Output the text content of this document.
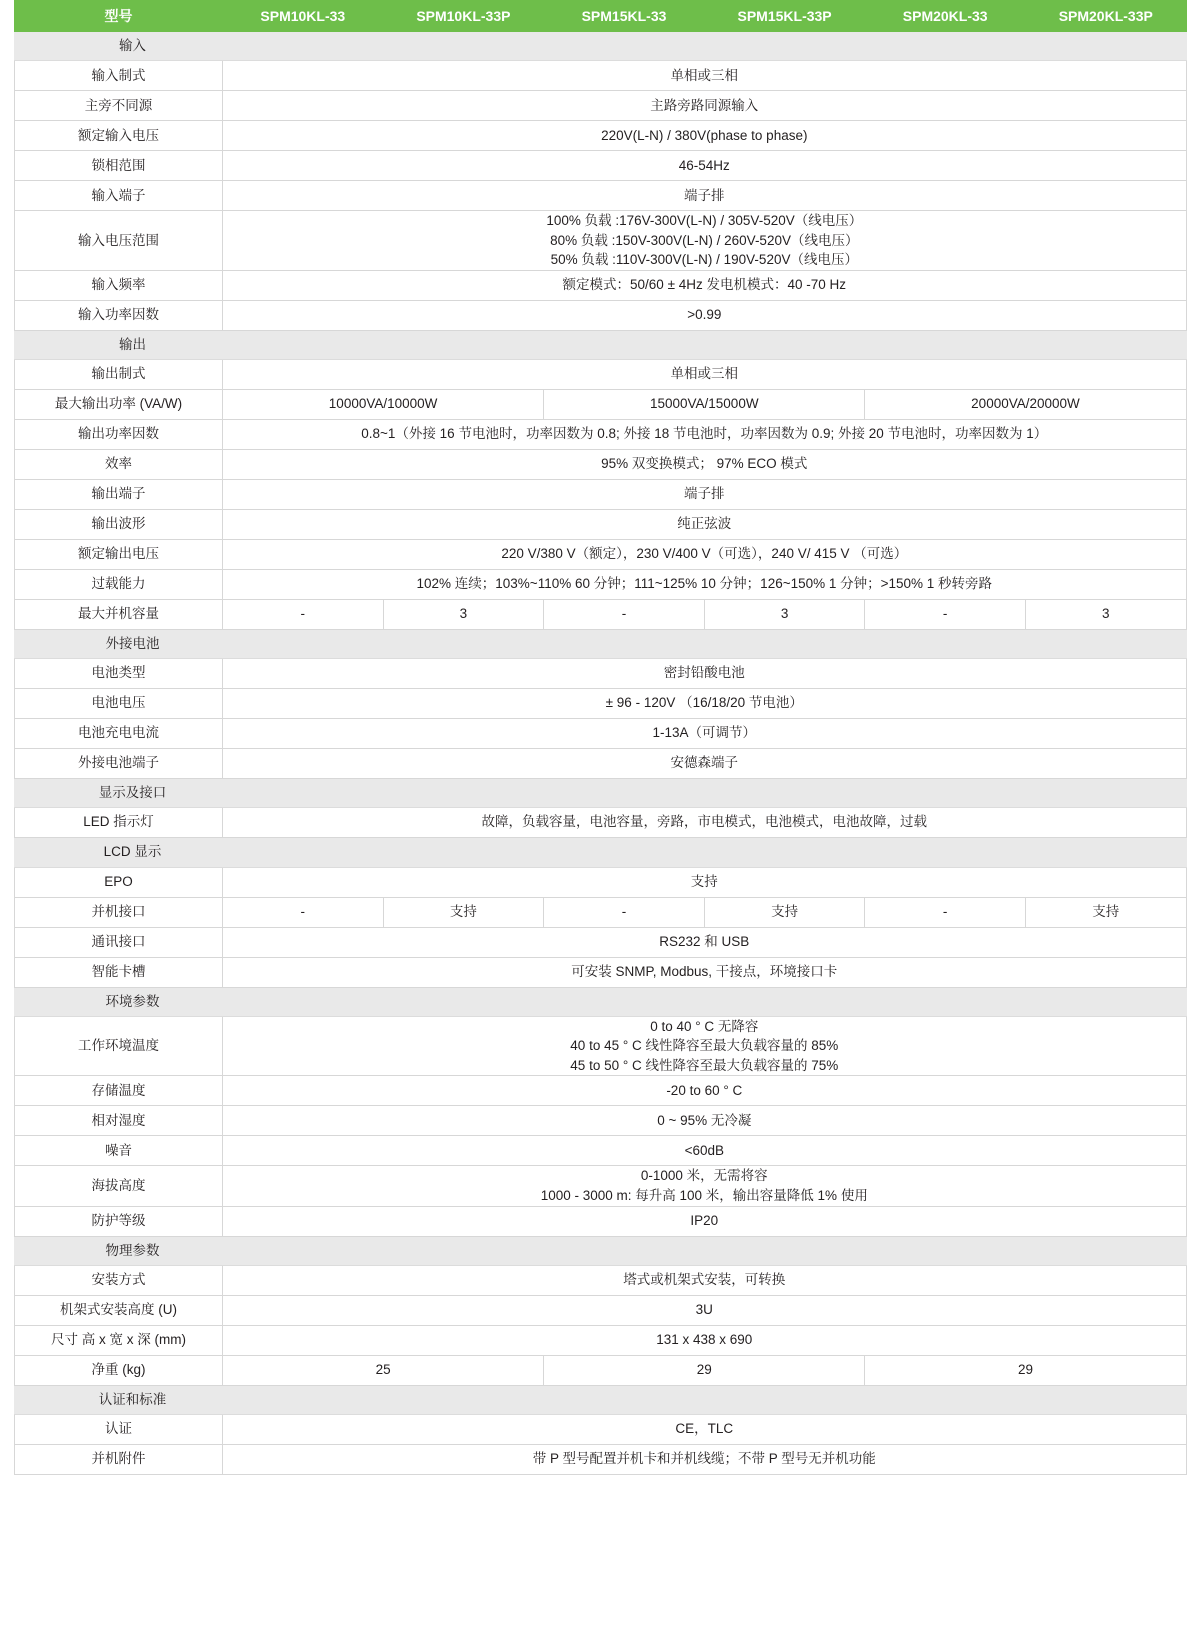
型号	SPM10KL-33	SPM10KL-33P	SPM15KL-33	SPM15KL-33P	SPM20KL-33	SPM20KL-33P
输入						
输入制式	单相或三相					
主旁不同源	主路旁路同源输入					
额定输入电压	220V(L-N) / 380V(phase to phase)					
锁相范围	46-54Hz					
输入端子	端子排					
输入电压范围	100% 负载 :176V-300V(L-N) / 305V-520V（线电压）
80% 负载 :150V-300V(L-N) / 260V-520V（线电压）
50% 负载 :110V-300V(L-N) / 190V-520V（线电压）					

输入频率	额定模式：50/60 ± 4Hz 发电机模式：40 -70 Hz					
输入功率因数	>0.99					
输出						
输出制式	单相或三相					
最大输出功率 (VA/W)	10000VA/10000W		15000VA/15000W		20000VA/20000W	
输出功率因数	0.8~1（外接 16 节电池时，功率因数为 0.8; 外接 18 节电池时，功率因数为 0.9; 外接 20 节电池时，功率因数为 1）					
效率	95% 双变换模式； 97% ECO 模式					
输出端子	端子排					
输出波形	纯正弦波					
额定输出电压	220 V/380 V（额定），230 V/400 V（可选），240 V/ 415 V （可选）					
过载能力	102% 连续；103%~110% 60 分钟；111~125% 10 分钟；126~150% 1 分钟；>150% 1 秒转旁路					
最大并机容量	-	3	-	3	-	3
外接电池						
电池类型	密封铅酸电池					
电池电压	± 96 - 120V （16/18/20 节电池）					
电池充电电流	1-13A（可调节）					
外接电池端子	安德森端子					
显示及接口						
LED 指示灯	故障，负载容量，电池容量，旁路，市电模式，电池模式，电池故障，过载					
LCD 显示						
EPO	支持					
并机接口	-	支持	-	支持	-	支持
通讯接口	RS232 和 USB					
智能卡槽	可安装 SNMP, Modbus, 干接点，环境接口卡					
环境参数						
工作环境温度	0 to 40 ° C 无降容
40 to 45 ° C 线性降容至最大负载容量的 85%
45 to 50 ° C 线性降容至最大负载容量的 75%					

存储温度	-20 to 60 ° C					
相对湿度	0 ~ 95% 无冷凝					
噪音	<60dB					
海拔高度	0-1000 米，无需将容
1000 - 3000 m: 每升高 100 米，输出容量降低 1% 使用					

防护等级	IP20					
物理参数						
安装方式	塔式或机架式安装，可转换					
机架式安装高度 (U)	3U					
尺寸 高 x 宽 x 深 (mm)	131 x 438 x 690					
净重 (kg)	25		29		29	
认证和标准						
认证	CE，TLC					
并机附件	带 P 型号配置并机卡和并机线缆；不带 P 型号无并机功能					
